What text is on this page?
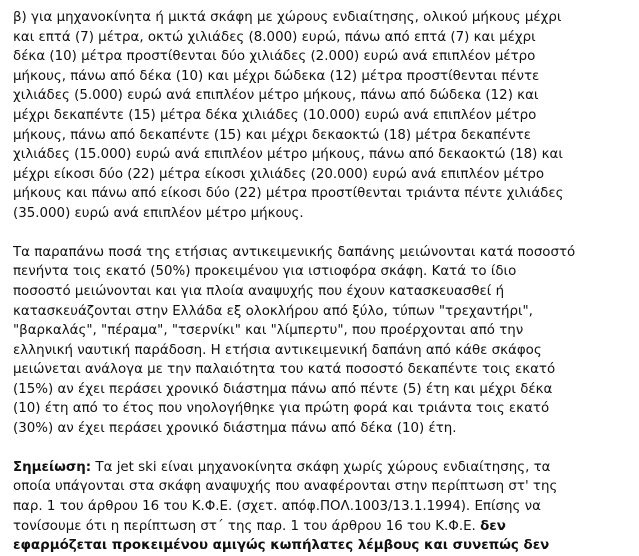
β) για μηχανοκίνητα ή μικτά σκάφη με χώρους ενδιαίτησης, ολικού μήκους μέχρι
και επτά (7) μέτρα, οκτώ χιλιάδες (8.000) ευρώ, πάνω από επτά (7) και μέχρι
δέκα (10) μέτρα προστίθενται δύο χιλιάδες (2.000) ευρώ ανά επιπλέον μέτρο
μήκους, πάνω από δέκα (10) και μέχρι δώδεκα (12) μέτρα προστίθενται πέντε
χιλιάδες (5.000) ευρώ ανά επιπλέον μέτρο μήκους, πάνω από δώδεκα (12) και
μέχρι δεκαπέντε (15) μέτρα δέκα χιλιάδες (10.000) ευρώ ανά επιπλέον μέτρο
μήκους, πάνω από δεκαπέντε (15) και μέχρι δεκαοκτώ (18) μέτρα δεκαπέντε
χιλιάδες (15.000) ευρώ ανά επιπλέον μέτρο μήκους, πάνω από δεκαοκτώ (18) και
μέχρι είκοσι δύο (22) μέτρα είκοσι χιλιάδες (20.000) ευρώ ανά επιπλέον μέτρο
μήκους και πάνω από είκοσι δύο (22) μέτρα προστίθενται τριάντα πέντε χιλιάδες
(35.000) ευρώ ανά επιπλέον μέτρο μήκους.
Τα παραπάνω ποσά της ετήσιας αντικειμενικής δαπάνης μειώνονται κατά ποσοστό
πενήντα τοις εκατό (50%) προκειμένου για ιστιοφόρα σκάφη. Κατά το ίδιο
ποσοστό μειώνονται και για πλοία αναψυχής που έχουν κατασκευασθεί ή
κατασκευάζονται στην Ελλάδα εξ ολοκλήρου από ξύλο, τύπων "τρεχαντήρι",
"βαρκαλάς", "πέραμα", "τσερνίκι" και "λίμπερτυ", που προέρχονται από την
ελληνική ναυτική παράδοση. Η ετήσια αντικειμενική δαπάνη από κάθε σκάφος
μειώνεται ανάλογα με την παλαιότητα του κατά ποσοστό δεκαπέντε τοις εκατό
(15%) αν έχει περάσει χρονικό διάστημα πάνω από πέντε (5) έτη και μέχρι δέκα
(10) έτη από το έτος που νηολογήθηκε για πρώτη φορά και τριάντα τοις εκατό
(30%) αν έχει περάσει χρονικό διάστημα πάνω από δέκα (10) έτη.
Σημείωση: Τα jet ski είναι μηχανοκίνητα σκάφη χωρίς χώρους ενδιαίτησης, τα
οποία υπάγονται στα σκάφη αναψυχής που αναφέρονται στην περίπτωση στ' της
παρ. 1 του άρθρου 16 του Κ.Φ.Ε. (σχετ. απόφ.ΠΟΛ.1003/13.1.1994). Επίσης να
τονίσουμε ότι η περίπτωση στ΄ της παρ. 1 του άρθρου 16 του Κ.Φ.Ε. δεν
εφαρμόζεται προκειμένου αμιγώς κωπήλατες λέμβους και συνεπώς δεν
